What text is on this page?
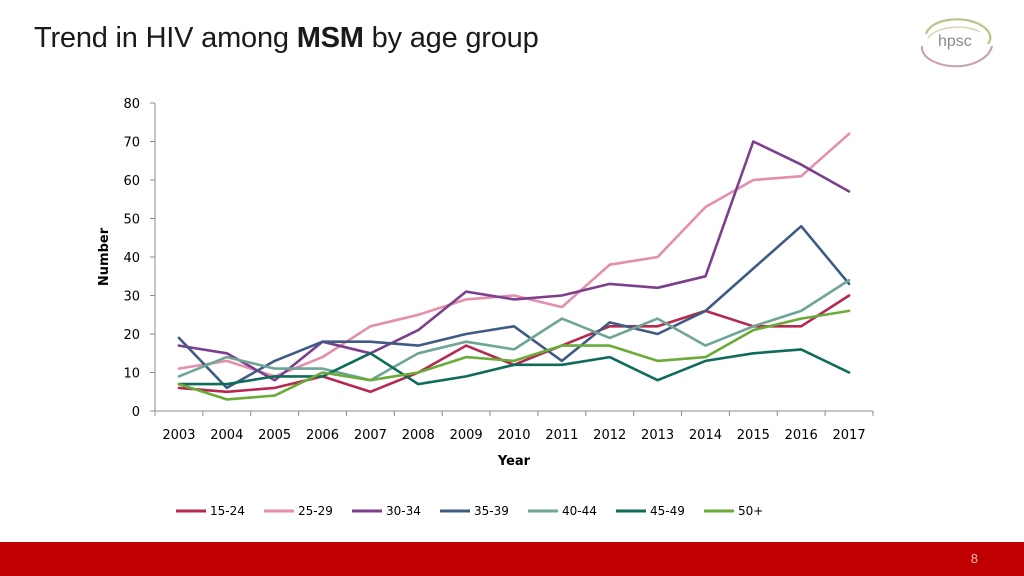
Trend in HIV among MSM by age group	hpsc
0
10
20
30
40
50
60
70
80
2003 2004 2005 2006 2007 2008 2009 2010 2011 2012 2013 2014 2015 2016 2017
Number
Year
15-24	25-29	30-34	35-39	40-44	45-49	50+
8
